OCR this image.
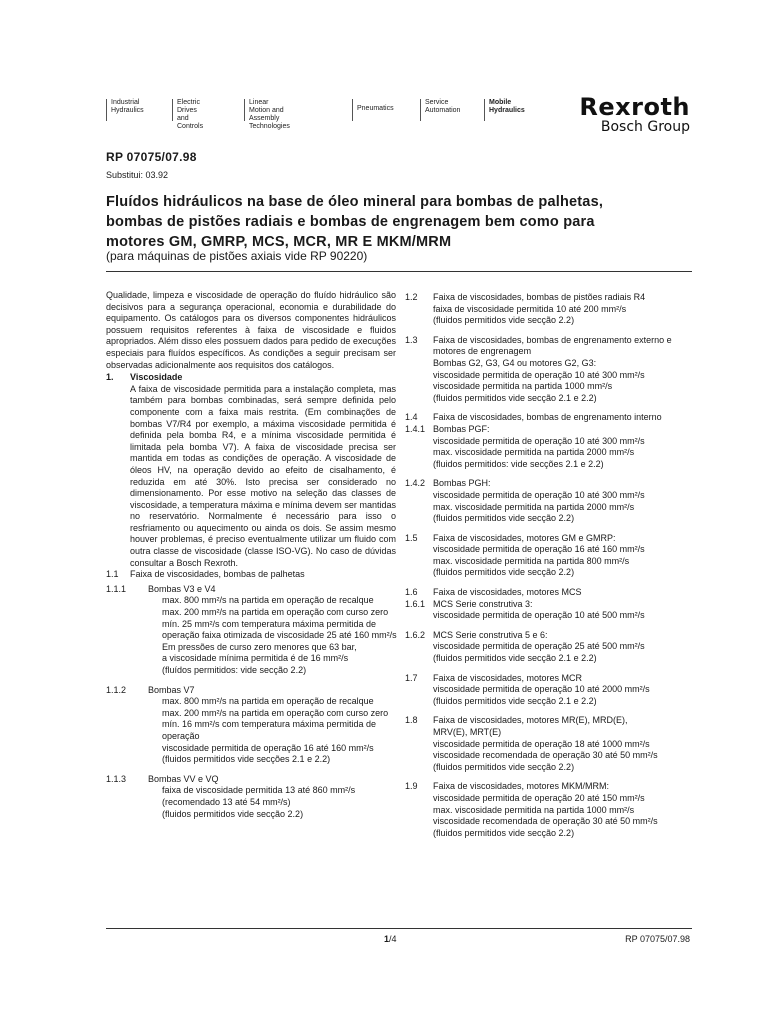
Industrial
Hydraulics
Electric Drives
and Controls
Linear Motion and
Assembly Technologies
Pneumatics
Service
Automation
Mobile
Hydraulics Rexroth
Bosch Group
RP 07075/07.98
Substitui: 03.92
Fluídos hidráulicos na base de óleo mineral para bombas de palhetas,
bombas de pistões radiais e bombas de engrenagem bem como para
motores GM, GMRP, MCS, MCR, MR E MKM/MRM
(para máquinas de pistões axiais vide RP 90220)

Qualidade, limpeza e viscosidade de operação do fluído hidráulico são decisivos para a segurança operacional, economia e durabilidade do equipamento. Os catálogos para os diversos componentes hidráulicos possuem requisitos referentes à faixa de viscosidade e fluidos apropriados. Além disso eles possuem dados para pedido de execuções especiais para fluídos específicos. As condições a seguir precisam ser observadas adicionalmente aos requisitos dos catálogos.

1.	Viscosidade

A faixa de viscosidade permitida para a instalação completa, mas também para bombas combinadas, será sempre definida pelo componente com a faixa mais restrita. (Em combinações de bombas V7/R4 por exemplo, a máxima viscosidade permitida é definida pela bomba R4, e a mínima viscosidade permitida é limitada pela bomba V7). A faixa de viscosidade precisa ser mantida em todas as condições de operação. A viscosidade de óleos HV, na operação devido ao efeito de cisalhamento, é reduzida em até 30%. Isto precisa ser considerado no dimensionamento. Por esse motivo na seleção das classes de viscosidade, a temperatura máxima e mínima devem ser mantidas no reservatório. Normalmente é necessário para isso o resfriamento ou aquecimento ou ainda os dois. Se assim mesmo houver problemas, é preciso eventualmente utilizar um fluido com outra classe de viscosidade (classe ISO-VG). No caso de dúvidas consultar a Bosch Rexroth.

1.1	Faixa de viscosidades, bombas de palhetas
1.1.1	Bombas V3 e V4
max. 800 mm²/s na partida em operação de recalque
max. 200 mm²/s na partida em operação com curso zero
mín. 25 mm²/s com temperatura máxima permitida de
operação faixa otimizada de viscosidade 25 até 160 mm²/s
Em pressões de curso zero menores que 63 bar,
a viscosidade mínima permitida é de 16 mm²/s
(fluídos permitidos: vide secção 2.2)
1.1.2	Bombas V7
max. 800 mm²/s na partida em operação de recalque
max. 200 mm²/s na partida em operação com curso zero
mín. 16 mm²/s com temperatura máxima permitida de
operação
viscosidade permitida de operação 16 até 160 mm²/s
(fluidos permitidos vide secções 2.1 e 2.2)
1.1.3	Bombas VV e VQ
faixa de viscosidade permitida 13 até 860 mm²/s
(recomendado 13 até 54 mm²/s)
(fluidos permitidos vide secção 2.2)
1.2	Faixa de viscosidades, bombas de pistões radiais R4
faixa de viscosidade permitida 10 até 200 mm²/s
(fluidos permitidos vide secção 2.2)
1.3	Faixa de viscosidades, bombas de engrenamento externo e
motores de engrenagem
Bombas G2, G3, G4 ou motores G2, G3:
viscosidade permitida de operação 10 até 300 mm²/s
viscosidade permitida na partida 1000 mm²/s
(fluidos permitidos vide secção 2.1 e 2.2)
1.4	Faixa de viscosidades, bombas de engrenamento interno
1.4.1 Bombas PGF:
viscosidade permitida de operação 10 até 300 mm²/s
max. viscosidade permitida na partida 2000 mm²/s
(fluidos permitidos: vide secções 2.1 e 2.2)
1.4.2 Bombas PGH:
viscosidade permitida de operação 10 até 300 mm²/s
max. viscosidade permitida na partida 2000 mm²/s
(fluidos permitidos vide secção 2.2)
1.5	Faixa de viscosidades, motores GM e GMRP:
viscosidade permitida de operação 16 até 160 mm²/s
max. viscosidade permitida na partida 800 mm²/s
(fluidos permitidos vide secção 2.2)
1.6	Faixa de viscosidades, motores MCS
1.6.1 MCS Serie construtiva 3:
viscosidade permitida de operação 10 até 500 mm²/s
1.6.2 MCS Serie construtiva 5 e 6:
viscosidade permitida de operação 25 até 500 mm²/s
(fluidos permitidos vide secção 2.1 e 2.2)
1.7	Faixa de viscosidades, motores MCR
viscosidade permitida de operação 10 até 2000 mm²/s
(fluidos permitidos vide secção 2.1 e 2.2)
1.8	Faixa de viscosidades, motores MR(E), MRD(E),
MRV(E), MRT(E)
viscosidade permitida de operação 18 até 1000 mm²/s
viscosidade recomendada de operação 30 até 50 mm²/s
(fluidos permitidos vide secção 2.2)
1.9	Faixa de viscosidades, motores MKM/MRM:
viscosidade permitida de operação 20 até 150 mm²/s
max. viscosidade permitida na partida 1000 mm²/s
viscosidade recomendada de operação 30 até 50 mm²/s
(fluidos permitidos vide secção 2.2)
1/4	RP 07075/07.98
